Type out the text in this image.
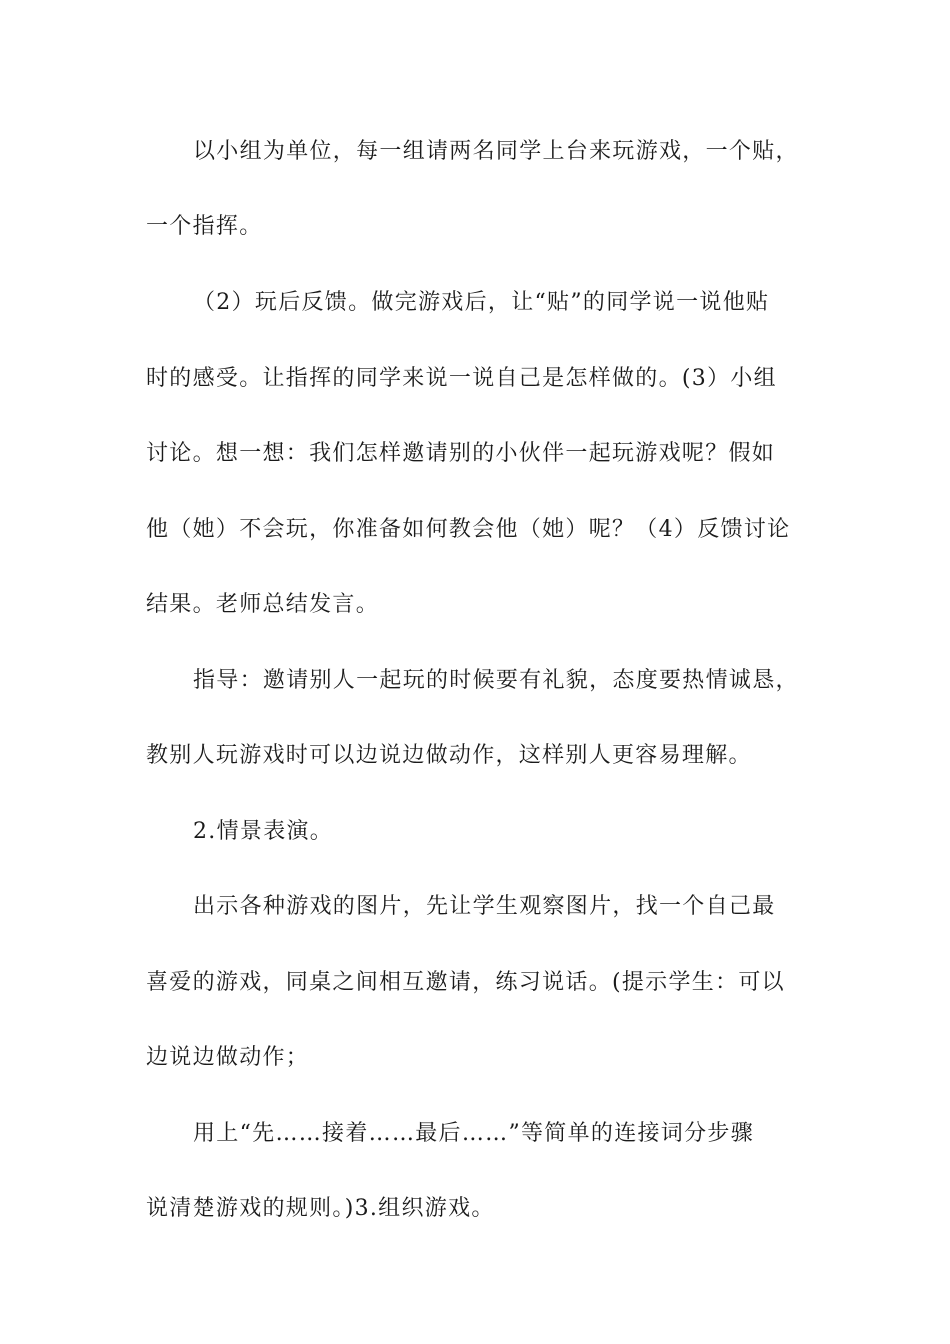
以小组为单位，每一组请两名同学上台来玩游戏，一个贴，
一个指挥。
（2）玩后反馈。做完游戏后，让“贴”的同学说一说他贴
时的感受。让指挥的同学来说一说自己是怎样做的。(3）小组
讨论。想一想：我们怎样邀请别的小伙伴一起玩游戏呢？假如
他（她）不会玩，你准备如何教会他（她）呢？（4）反馈讨论
结果。老师总结发言。
指导：邀请别人一起玩的时候要有礼貌，态度要热情诚恳，
教别人玩游戏时可以边说边做动作，这样别人更容易理解。
2.情景表演。
出示各种游戏的图片，先让学生观察图片，找一个自己最
喜爱的游戏，同桌之间相互邀请，练习说话。(提示学生：可以
边说边做动作；
用上“先……接着……最后……”等简单的连接词分步骤
说清楚游戏的规则。)3.组织游戏。
